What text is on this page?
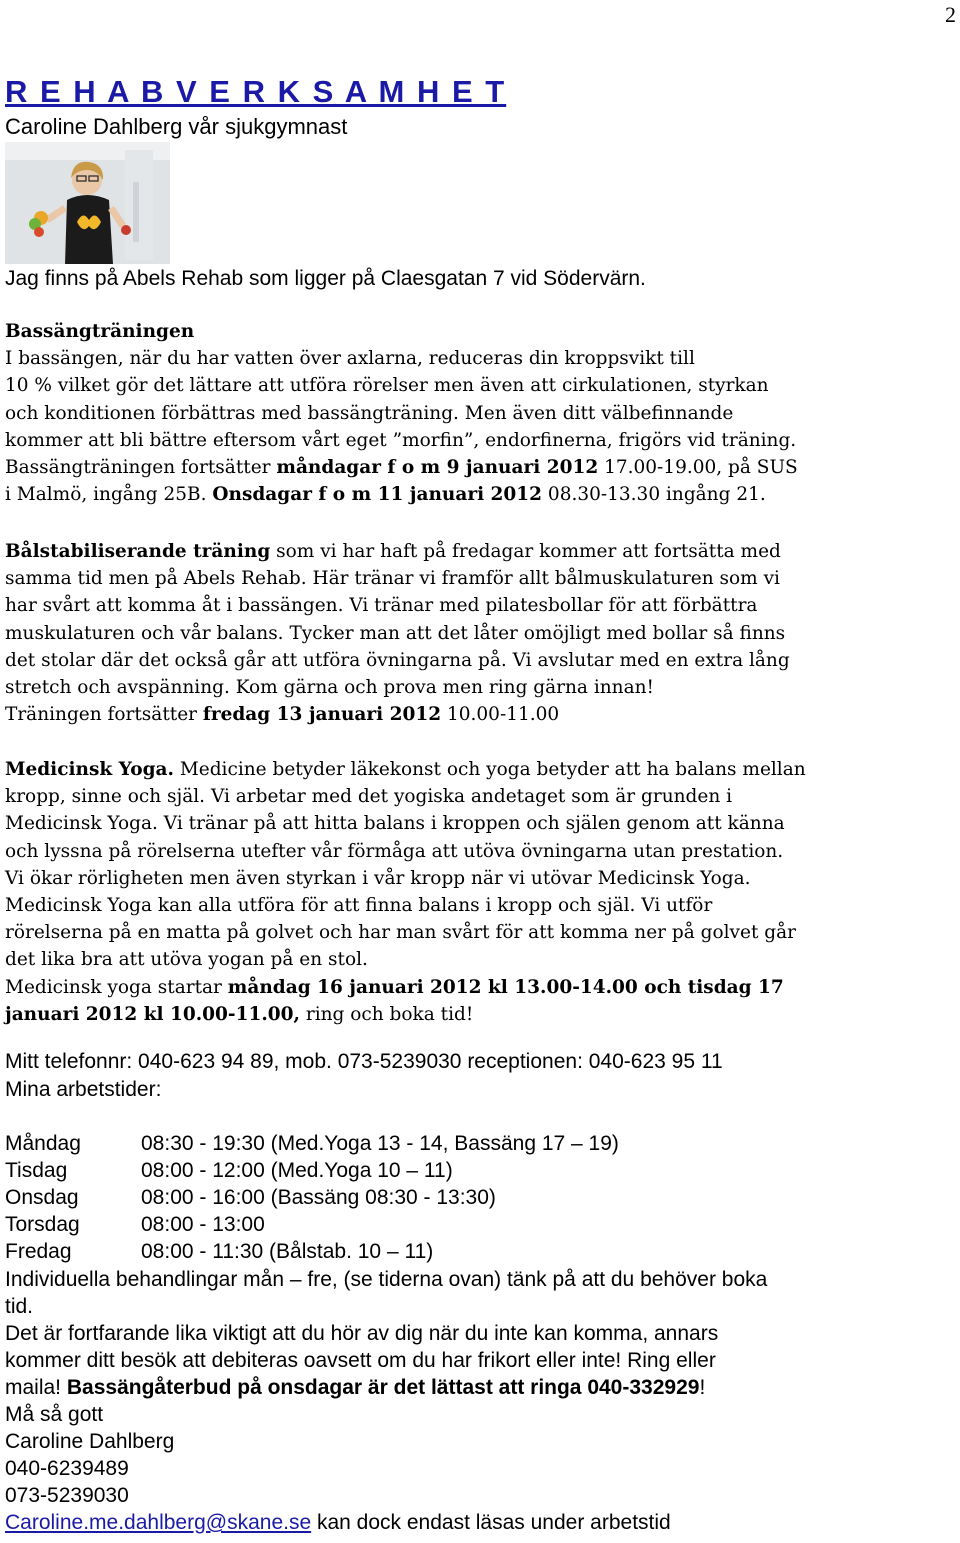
2
R E H A B V E R K S A M H E T
Caroline Dahlberg vår sjukgymnast
Jag finns på Abels Rehab som ligger på Claesgatan 7 vid Södervärn.
Bassängträningen
I bassängen, när du har vatten över axlarna, reduceras din kroppsvikt till
10 % vilket gör det lättare att utföra rörelser men även att cirkulationen, styrkan
och konditionen förbättras med bassängträning. Men även ditt välbefinnande
kommer att bli bättre eftersom vårt eget ”morfin”, endorfinerna, frigörs vid träning.
Bassängträningen fortsätter måndagar f o m 9 januari 2012 17.00-19.00, på SUS
i Malmö, ingång 25B. Onsdagar f o m 11 januari 2012 08.30-13.30 ingång 21.
Bålstabiliserande träning som vi har haft på fredagar kommer att fortsätta med
samma tid men på Abels Rehab. Här tränar vi framför allt bålmuskulaturen som vi
har svårt att komma åt i bassängen. Vi tränar med pilatesbollar för att förbättra
muskulaturen och vår balans. Tycker man att det låter omöjligt med bollar så finns
det stolar där det också går att utföra övningarna på. Vi avslutar med en extra lång
stretch och avspänning. Kom gärna och prova men ring gärna innan!
Träningen fortsätter fredag 13 januari 2012 10.00-11.00
Medicinsk Yoga. Medicine betyder läkekonst och yoga betyder att ha balans mellan
kropp, sinne och själ. Vi arbetar med det yogiska andetaget som är grunden i
Medicinsk Yoga. Vi tränar på att hitta balans i kroppen och själen genom att känna
och lyssna på rörelserna utefter vår förmåga att utöva övningarna utan prestation.
Vi ökar rörligheten men även styrkan i vår kropp när vi utövar Medicinsk Yoga.
Medicinsk Yoga kan alla utföra för att finna balans i kropp och själ. Vi utför
rörelserna på en matta på golvet och har man svårt för att komma ner på golvet går
det lika bra att utöva yogan på en stol.
Medicinsk yoga startar måndag 16 januari 2012 kl 13.00-14.00 och tisdag 17
januari 2012 kl 10.00-11.00, ring och boka tid!
Mitt telefonnr: 040-623 94 89, mob. 073-5239030 receptionen: 040-623 95 11
Mina arbetstider:
Måndag	08:30 - 19:30 (Med.Yoga 13 - 14, Bassäng 17 – 19)
Tisdag	08:00 - 12:00 (Med.Yoga 10 – 11)
Onsdag	08:00 - 16:00 (Bassäng 08:30 - 13:30)
Torsdag	08:00 - 13:00
Fredag	08:00 - 11:30 (Bålstab. 10 – 11)
Individuella behandlingar mån – fre, (se tiderna ovan) tänk på att du behöver boka
tid.
Det är fortfarande lika viktigt att du hör av dig när du inte kan komma, annars
kommer ditt besök att debiteras oavsett om du har frikort eller inte! Ring eller
maila! Bassängåterbud på onsdagar är det lättast att ringa 040-332929!
Må så gott
Caroline Dahlberg
040-6239489
073-5239030
Caroline.me.dahlberg@skane.se kan dock endast läsas under arbetstid
